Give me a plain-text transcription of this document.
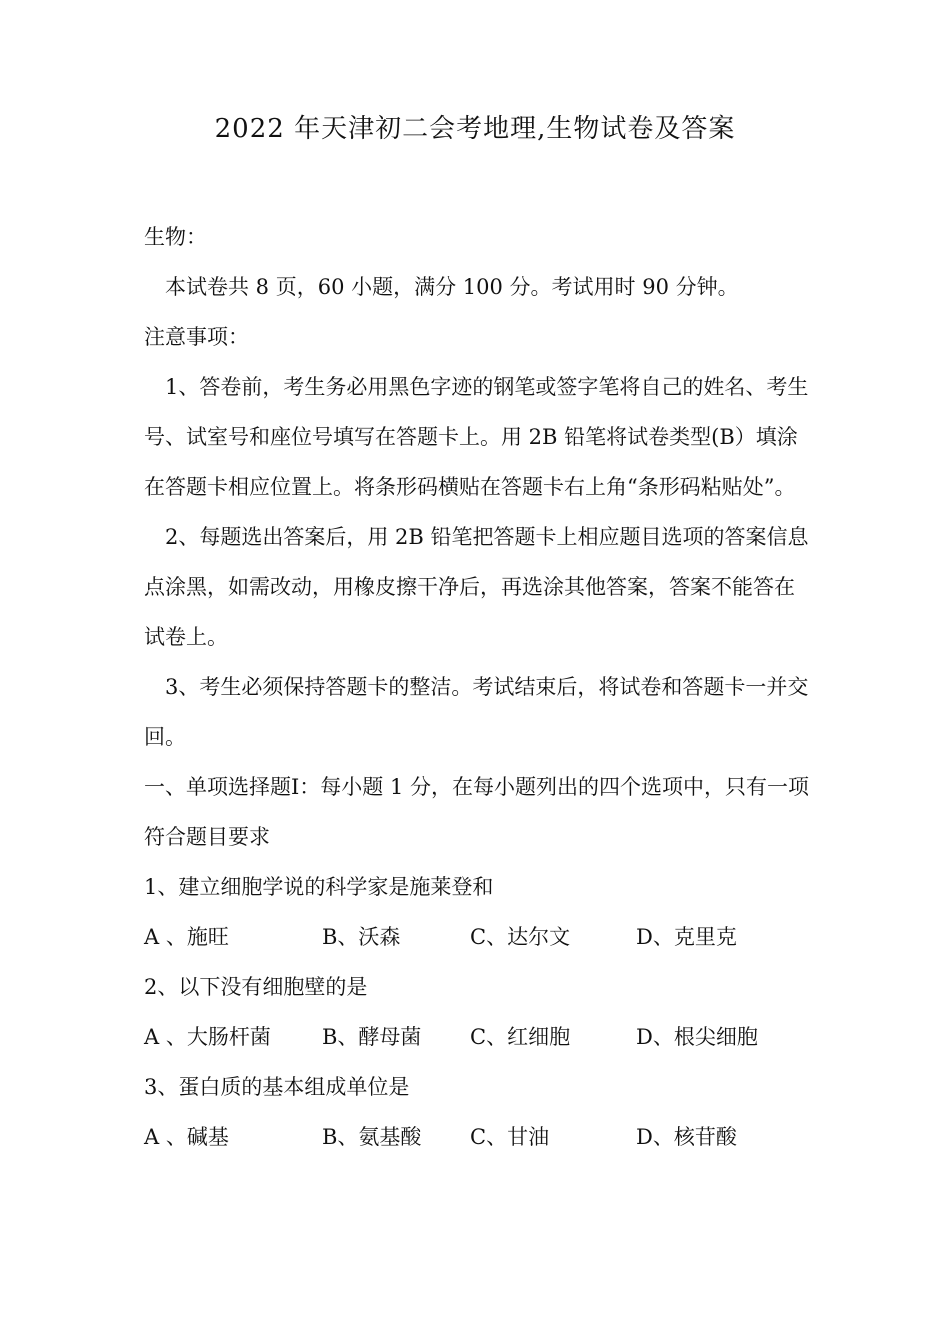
2022 年天津初二会考地理,生物试卷及答案

生物：

本试卷共 8 页，60 小题，满分 100 分。考试用时 90 分钟。

注意事项：

1、答卷前，考生务必用黑色字迹的钢笔或签字笔将自己的姓名、考生号、试室号和座位号填写在答题卡上。用 2B 铅笔将试卷类型(B）填涂在答题卡相应位置上。将条形码横贴在答题卡右上角“条形码粘贴处”。

2、每题选出答案后，用 2B 铅笔把答题卡上相应题目选项的答案信息点涂黑，如需改动，用橡皮擦干净后，再选涂其他答案，答案不能答在试卷上。

3、考生必须保持答题卡的整洁。考试结束后，将试卷和答题卡一并交回。

一、单项选择题Ⅰ：每小题 1 分，在每小题列出的四个选项中，只有一项符合题目要求

1、建立细胞学说的科学家是施莱登和

A 、施旺	B、沃森	C、达尔文	D、克里克

2、以下没有细胞壁的是

A 、大肠杆菌	B、酵母菌	C、红细胞	D、根尖细胞

3、蛋白质的基本组成单位是

A 、碱基	B、氨基酸	C、甘油	D、核苷酸
